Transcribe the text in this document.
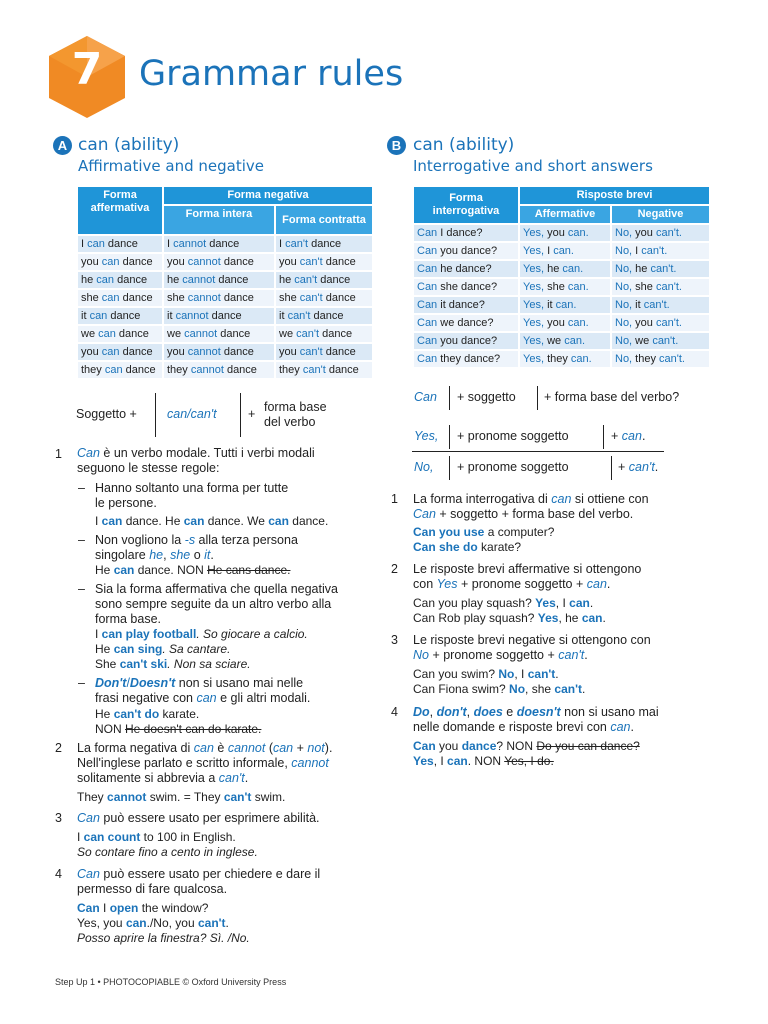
7	Grammar rules
A can (ability)
Affirmative and negative
Forma affermativa	Forma negativa	
	Forma intera	Forma contratta
I can dance	I cannot dance	I can't dance
you can dance	you cannot dance	you can't dance
he can dance	he cannot dance	he can't dance
she can dance	she cannot dance	she can't dance
it can dance	it cannot dance	it can't dance
we can dance	we cannot dance	we can't dance
you can dance	you cannot dance	you can't dance
they can dance	they cannot dance	they can't dance
Soggetto + can/can't	+ forma base
del verbo
1 Can è un verbo modale. Tutti i verbi modali
seguono le stesse regole:
– Hanno soltanto una forma per tutte
le persone.
I can dance. He can dance. We can dance.
– Non vogliono la -s alla terza persona
singolare he, she o it.
He can dance. NON He cans dance.
– Sia la forma affermativa che quella negativa
sono sempre seguite da un altro verbo alla
forma base.
I can play football. So giocare a calcio.
He can sing. Sa cantare.
She can't ski. Non sa sciare.
– Don't/Doesn't non si usano mai nelle
frasi negative con can e gli altri modali.
He can't do karate.
NON He doesn't can do karate.
2 La forma negativa di can è cannot (can + not).
Nell'inglese parlato e scritto informale, cannot
solitamente si abbrevia a can't.
They cannot swim. = They can't swim.
3 Can può essere usato per esprimere abilità.
I can count to 100 in English.
So contare fino a cento in inglese.
4 Can può essere usato per chiedere e dare il
permesso di fare qualcosa.
Can I open the window?
Yes, you can./No, you can't.
Posso aprire la finestra? Sì. /No.
B can (ability)
Interrogative and short answers
Forma interrogativa	Risposte brevi	
	Affermative	Negative
Can I dance?	Yes, you can.	No, you can't.
Can you dance?	Yes, I can.	No, I can't.
Can he dance?	Yes, he can.	No, he can't.
Can she dance?	Yes, she can.	No, she can't.
Can it dance?	Yes, it can.	No, it can't.
Can we dance?	Yes, you can.	No, you can't.
Can you dance?	Yes, we can.	No, we can't.
Can they dance?	Yes, they can.	No, they can't.
Can + soggetto + forma base del verbo?
Yes, + pronome soggetto	+ can.
No, + pronome soggetto	+ can't.
1 La forma interrogativa di can si ottiene con
Can + soggetto + forma base del verbo.
Can you use a computer?
Can she do karate?
2 Le risposte brevi affermative si ottengono
con Yes + pronome soggetto + can.
Can you play squash? Yes, I can.
Can Rob play squash? Yes, he can.
3 Le risposte brevi negative si ottengono con
No + pronome soggetto + can't.
Can you swim? No, I can't.
Can Fiona swim? No, she can't.
4 Do, don't, does e doesn't non si usano mai
nelle domande e risposte brevi con can.
Can you dance? NON Do you can dance?
Yes, I can. NON Yes, I do.
Step Up 1 • PHOTOCOPIABLE © Oxford University Press
